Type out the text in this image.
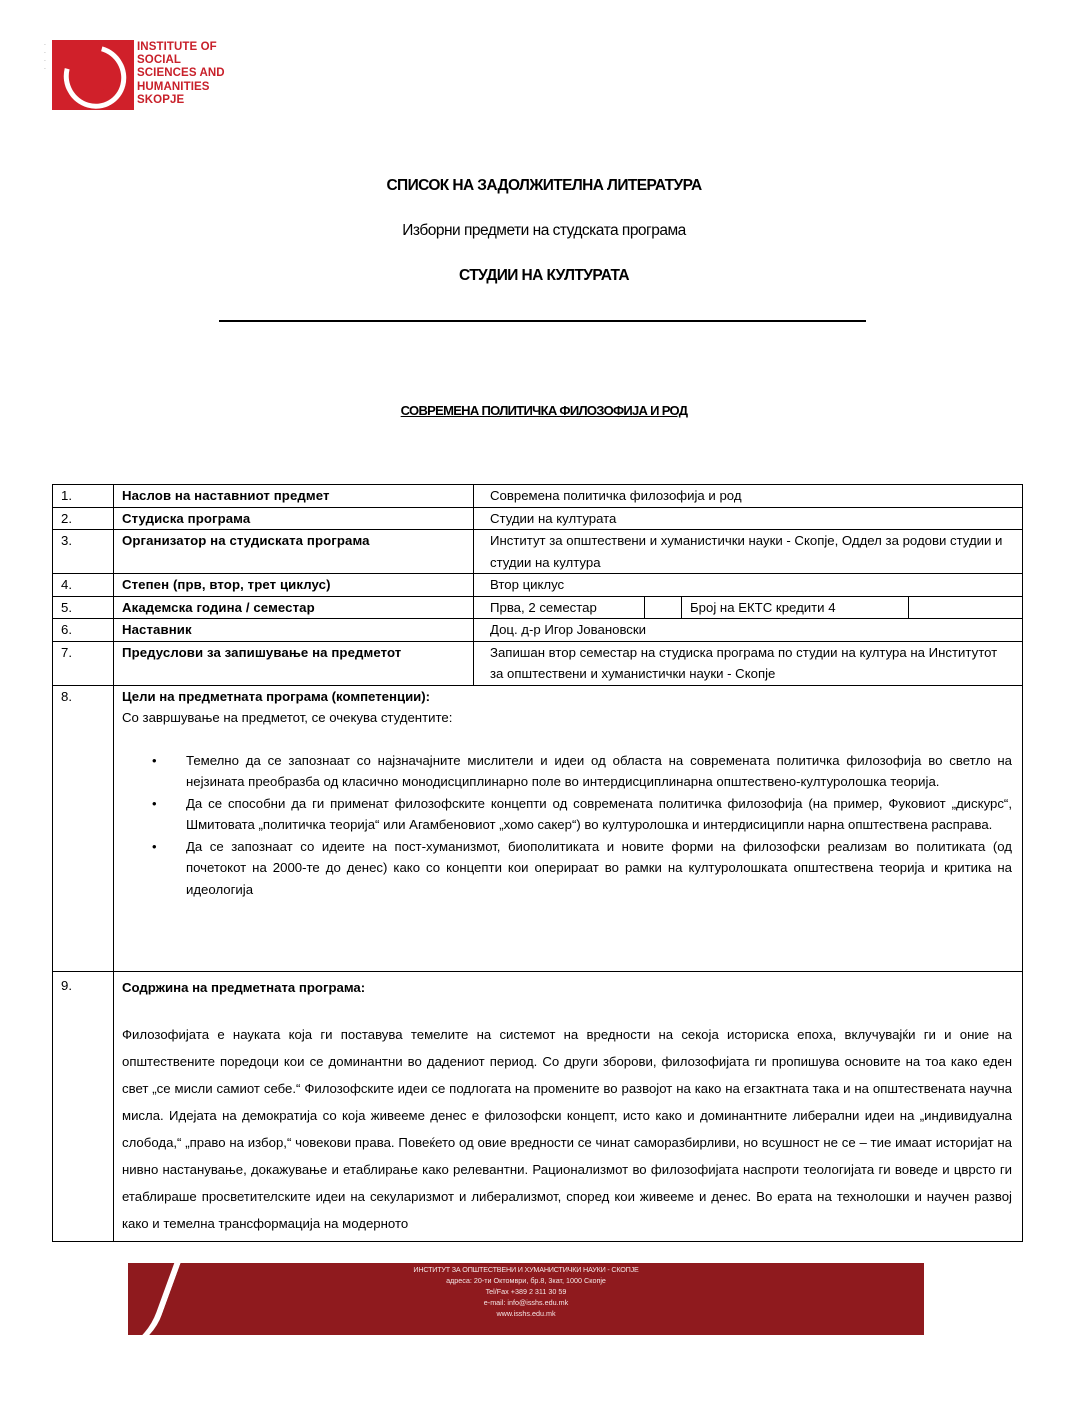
·
·
·
·
INSTITUTE OF
SOCIAL
SCIENCES AND
HUMANITIES
SKOPJE
СПИСОК НА ЗАДОЛЖИТЕЛНА ЛИТЕРАТУРА
Изборни предмети на студската програма
СТУДИИ НА КУЛТУРАТА
СОВРЕМЕНА ПОЛИТИЧКА ФИЛОЗОФИЈА И РОД
1.	Наслов на наставниот предмет	Современа политичка филозофија и род

2.	Студиска програма	Студии на културата

3.	Организатор на студиската програма	Институт за општествени и хуманистички науки - Скопје, Оддел за родови студии и студии на култура

4.	Степен (прв, втор, трет циклус)	Втор циклус

5.	Академска година / семестар	Прва, 2 семестар Број на ЕКТС кредити 4

6.	Наставник	Доц. д-р Игор Јовановски

7.	Предуслови за запишување на предметот	Запишан втор семестар на студиска програма по студии на култура на Институтот за општествени и хуманистички науки - Скопје

8.	Цели на предметната програма (компетенции):
Со завршување на предметот, се очекува студентите:
• Темелно да се запознаат со најзначајните мислители и идеи од областа на современата политичка филозофија во светло на нејзината преобразба од класично монодисциплинарно поле во интердисциплинарна општествено-културолошка теорија.
• Да се способни да ги применат филозофските концепти од современата политичка филозофија (на пример, Фуковиот „дискурс“, Шмитовата „политичка теорија“ или Агамбеновиот „хомо сакер“) во културолошка и интердисиципли нарна општествена расправа.
• Да се запознаат со идеите на пост-хуманизмот, биополитиката и новите форми на филозофски реализам во политиката (од почетокот на 2000-те до денес) како со концепти кои оперираат во рамки на културолошката општествена теорија и критика на идеологија

9.	Содржина на предметната програма:
Филозофијата е науката која ги поставува темелите на системот на вредности на секоја историска епоха, вклучувајќи ги и оние на општествените поредоци кои се доминантни во дадениот период. Со други зборови, филозофијата ги пропишува основите на тоа како еден свет „се мисли самиот себе.“ Филозофските идеи се подлогата на промените во развојот на како на егзактната така и на општествената научна мисла. Идејата на демократија со која живееме денес е филозофски концепт, исто како и доминантните либерални идеи на „индивидуална слобода,“ „право на избор,“ човекови права. Повеќето од овие вредности се чинат саморазбирливи, но всушност не се – тие имаат историјат на нивно настанување, докажување и етаблирање како релевантни. Рационализмот во филозофијата наспроти теологијата ги воведе и цврсто ги етаблираше просветителските идеи на секуларизмот и либерализмот, според кои живееме и денес. Во ерата на технолошки и научен развој како и темелна трансформација на модерното	
ИНСТИТУТ ЗА ОПШТЕСТВЕНИ И ХУМАНИСТИЧКИ НАУКИ - СКОПЈЕ
адреса: 20-ти Октомври, бр.8, 3кат, 1000 Скопје
Tel/Fax +389 2 311 30 59
e-mail: info@isshs.edu.mk
www.isshs.edu.mk
